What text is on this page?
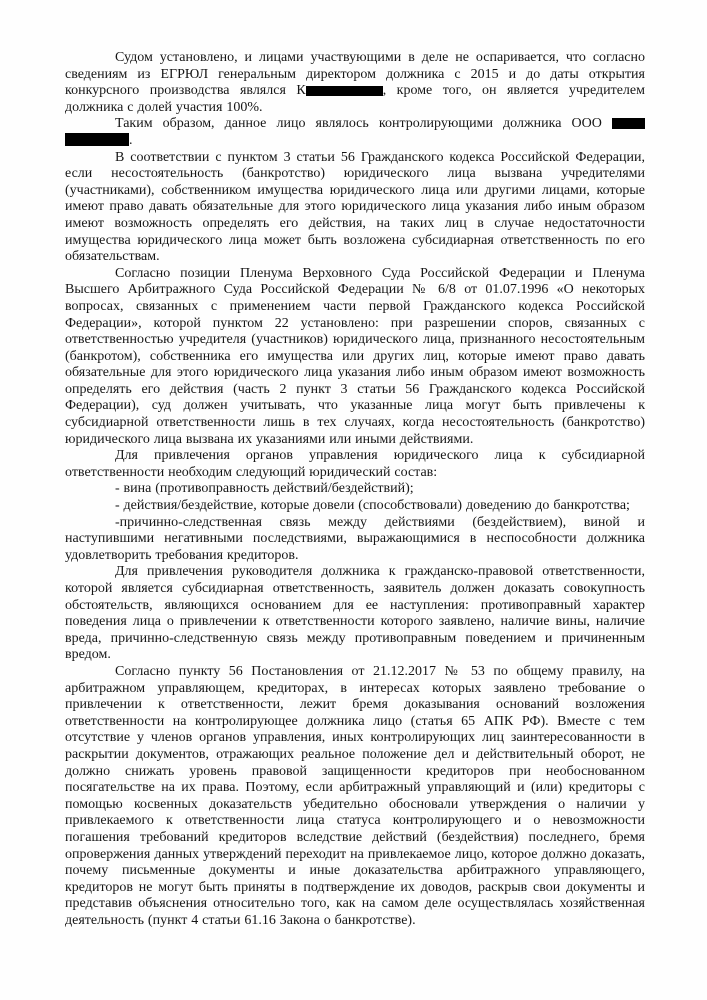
Судом установлено, и лицами участвующими в деле не оспаривается, что согласно сведениям из ЕГРЮЛ генеральным директором должника с 2015 и до даты открытия конкурсного производства являлся К	, кроме того, он является учредителем должника с долей участия 100%.

Таким образом, данное лицо являлось контролирующими должника ООО  .

В соответствии с пунктом 3 статьи 56 Гражданского кодекса Российской Федерации, если несостоятельность (банкротство) юридического лица вызвана учредителями (участниками), собственником имущества юридического лица или другими лицами, которые имеют право давать обязательные для этого юридического лица указания либо иным образом имеют возможность определять его действия, на таких лиц в случае недостаточности имущества юридического лица может быть возложена субсидиарная ответственность по его обязательствам.

Согласно позиции Пленума Верховного Суда Российской Федерации и Пленума Высшего Арбитражного Суда Российской Федерации № 6/8 от 01.07.1996 «О некоторых вопросах, связанных с применением части первой Гражданского кодекса Российской Федерации», которой пунктом 22 установлено: при разрешении споров, связанных с ответственностью учредителя (участников) юридического лица, признанного несостоятельным (банкротом), собственника его имущества или других лиц, которые имеют право давать обязательные для этого юридического лица указания либо иным образом имеют возможность определять его действия (часть 2 пункт 3 статьи 56 Гражданского кодекса Российской Федерации), суд должен учитывать, что указанные лица могут быть привлечены к субсидиарной ответственности лишь в тех случаях, когда несостоятельность (банкротство) юридического лица вызвана их указаниями или иными действиями.

Для привлечения органов управления юридического лица к субсидиарной ответственности необходим следующий юридический состав:

- вина (противоправность действий/бездействий);

- действия/бездействие, которые довели (способствовали) доведению до банкротства;

-причинно-следственная связь между действиями (бездействием), виной и наступившими негативными последствиями, выражающимися в неспособности должника удовлетворить требования кредиторов.

Для привлечения руководителя должника к гражданско-правовой ответственности, которой является субсидиарная ответственность, заявитель должен доказать совокупность обстоятельств, являющихся основанием для ее наступления: противоправный характер поведения лица о привлечении к ответственности которого заявлено, наличие вины, наличие вреда, причинно-следственную связь между противоправным поведением и причиненным вредом.

Согласно пункту 56 Постановления от 21.12.2017 № 53 по общему правилу, на арбитражном управляющем, кредиторах, в интересах которых заявлено требование о привлечении к ответственности, лежит бремя доказывания оснований возложения ответственности на контролирующее должника лицо (статья 65 АПК РФ). Вместе с тем отсутствие у членов органов управления, иных контролирующих лиц заинтересованности в раскрытии документов, отражающих реальное положение дел и действительный оборот, не должно снижать уровень правовой защищенности кредиторов при необоснованном посягательстве на их права. Поэтому, если арбитражный управляющий и (или) кредиторы с помощью косвенных доказательств убедительно обосновали утверждения о наличии у привлекаемого к ответственности лица статуса контролирующего и о невозможности погашения требований кредиторов вследствие действий (бездействия) последнего, бремя опровержения данных утверждений переходит на привлекаемое лицо, которое должно доказать, почему письменные документы и иные доказательства арбитражного управляющего, кредиторов не могут быть приняты в подтверждение их доводов, раскрыв свои документы и представив объяснения относительно того, как на самом деле осуществлялась хозяйственная деятельность (пункт 4 статьи 61.16 Закона о банкротстве).
